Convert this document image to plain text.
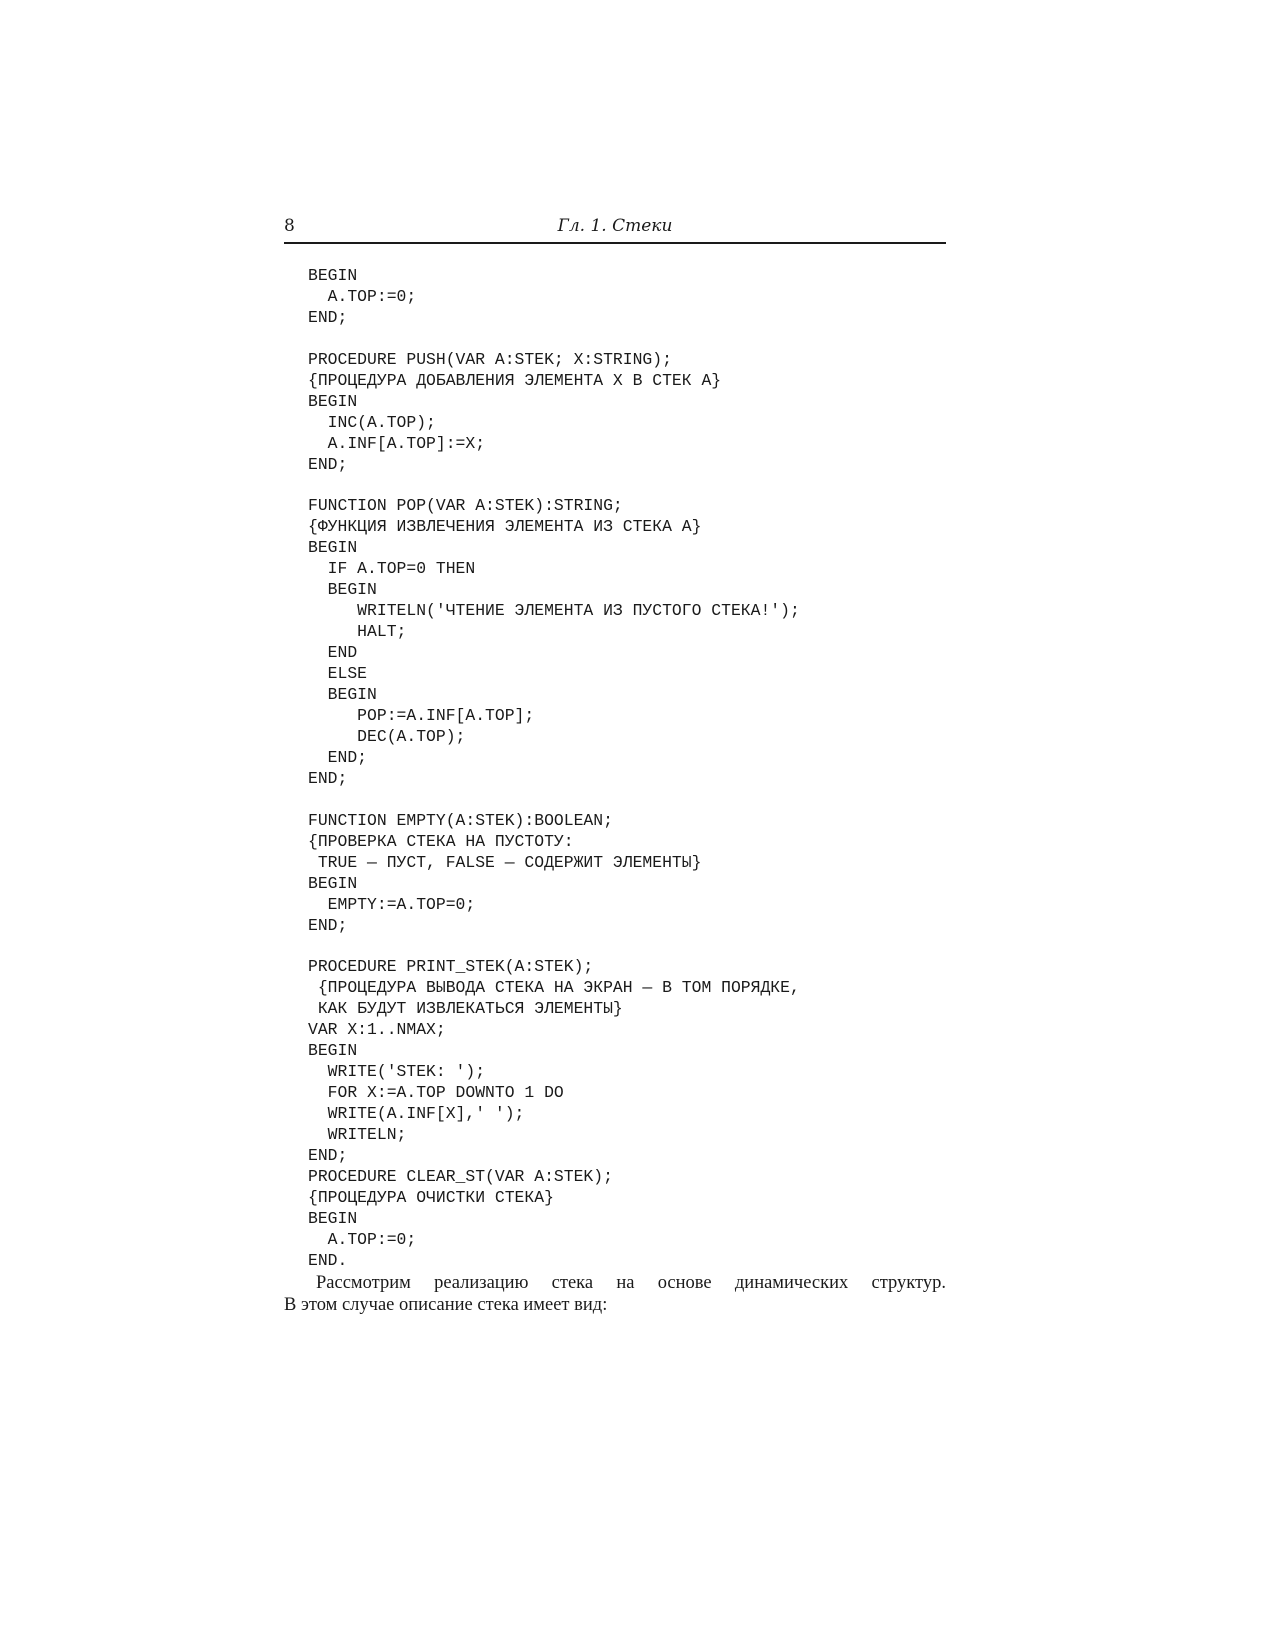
8	Гл. 1. Стеки
BEGIN
A.TOP:=0;
END;
PROCEDURE PUSH(VAR A:STEK; X:STRING);
{ПРОЦЕДУРА ДОБАВЛЕНИЯ ЭЛЕМЕНТА X В СТЕК A}
BEGIN
INC(A.TOP);
A.INF[A.TOP]:=X;
END;
FUNCTION POP(VAR A:STEK):STRING;
{ФУНКЦИЯ ИЗВЛЕЧЕНИЯ ЭЛЕМЕНТА ИЗ СТЕКА A}
BEGIN
IF A.TOP=0 THEN
BEGIN
WRITELN('ЧТЕНИЕ ЭЛЕМЕНТА ИЗ ПУСТОГО СТЕКА!');
HALT;
END
ELSE
BEGIN
POP:=A.INF[A.TOP];
DEC(A.TOP);
END;
END;
FUNCTION EMPTY(A:STEK):BOOLEAN;
{ПРОВЕРКА СТЕКА НА ПУСТОТУ:
TRUE — ПУСТ, FALSE — СОДЕРЖИТ ЭЛЕМЕНТЫ}
BEGIN
EMPTY:=A.TOP=0;
END;
PROCEDURE PRINT_STEK(A:STEK);
{ПРОЦЕДУРА ВЫВОДА СТЕКА НА ЭКРАН — В ТОМ ПОРЯДКЕ,
КАК БУДУТ ИЗВЛЕКАТЬСЯ ЭЛЕМЕНТЫ}
VAR X:1..NMAX;
BEGIN
WRITE('STEK: ');
FOR X:=A.TOP DOWNTO 1 DO
WRITE(A.INF[X],' ');
WRITELN;
END;
PROCEDURE CLEAR_ST(VAR A:STEK);
{ПРОЦЕДУРА ОЧИСТКИ СТЕКА}
BEGIN
A.TOP:=0;
END.

Рассмотрим реализацию стека на основе динамических структур.
В этом случае описание стека имеет вид:
